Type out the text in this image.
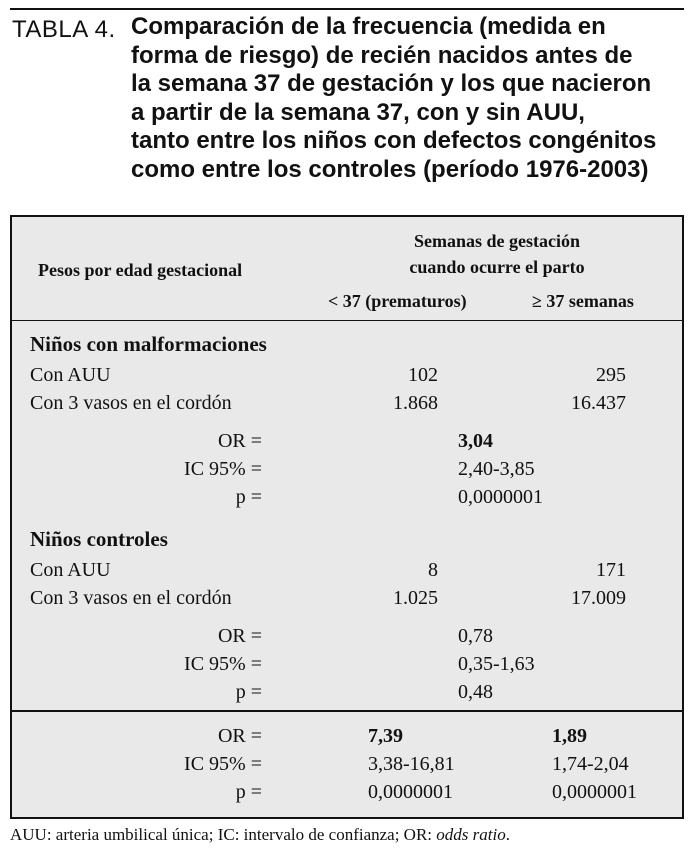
TABLA 4. Comparación de la frecuencia (medida en
forma de riesgo) de recién nacidos antes de
la semana 37 de gestación y los que nacieron
a partir de la semana 37, con y sin AUU,
tanto entre los niños con defectos congénitos
como entre los controles (período 1976-2003)
Pesos por edad gestacional
Semanas de gestación
cuando ocurre el parto
< 37 (prematuros)	≥ 37 semanas
Niños con malformaciones
Con AUU	102	295
Con 3 vasos en el cordón	1.868	16.437
OR =	3,04
IC 95% =	2,40-3,85
p =	0,0000001
Niños controles
Con AUU	8	171
Con 3 vasos en el cordón	1.025	17.009
OR =	0,78
IC 95% =	0,35-1,63
p =	0,48
OR =	7,39	1,89
IC 95% =	3,38-16,81	1,74-2,04
p =	0,0000001	0,0000001
AUU: arteria umbilical única; IC: intervalo de confianza; OR: odds ratio.
